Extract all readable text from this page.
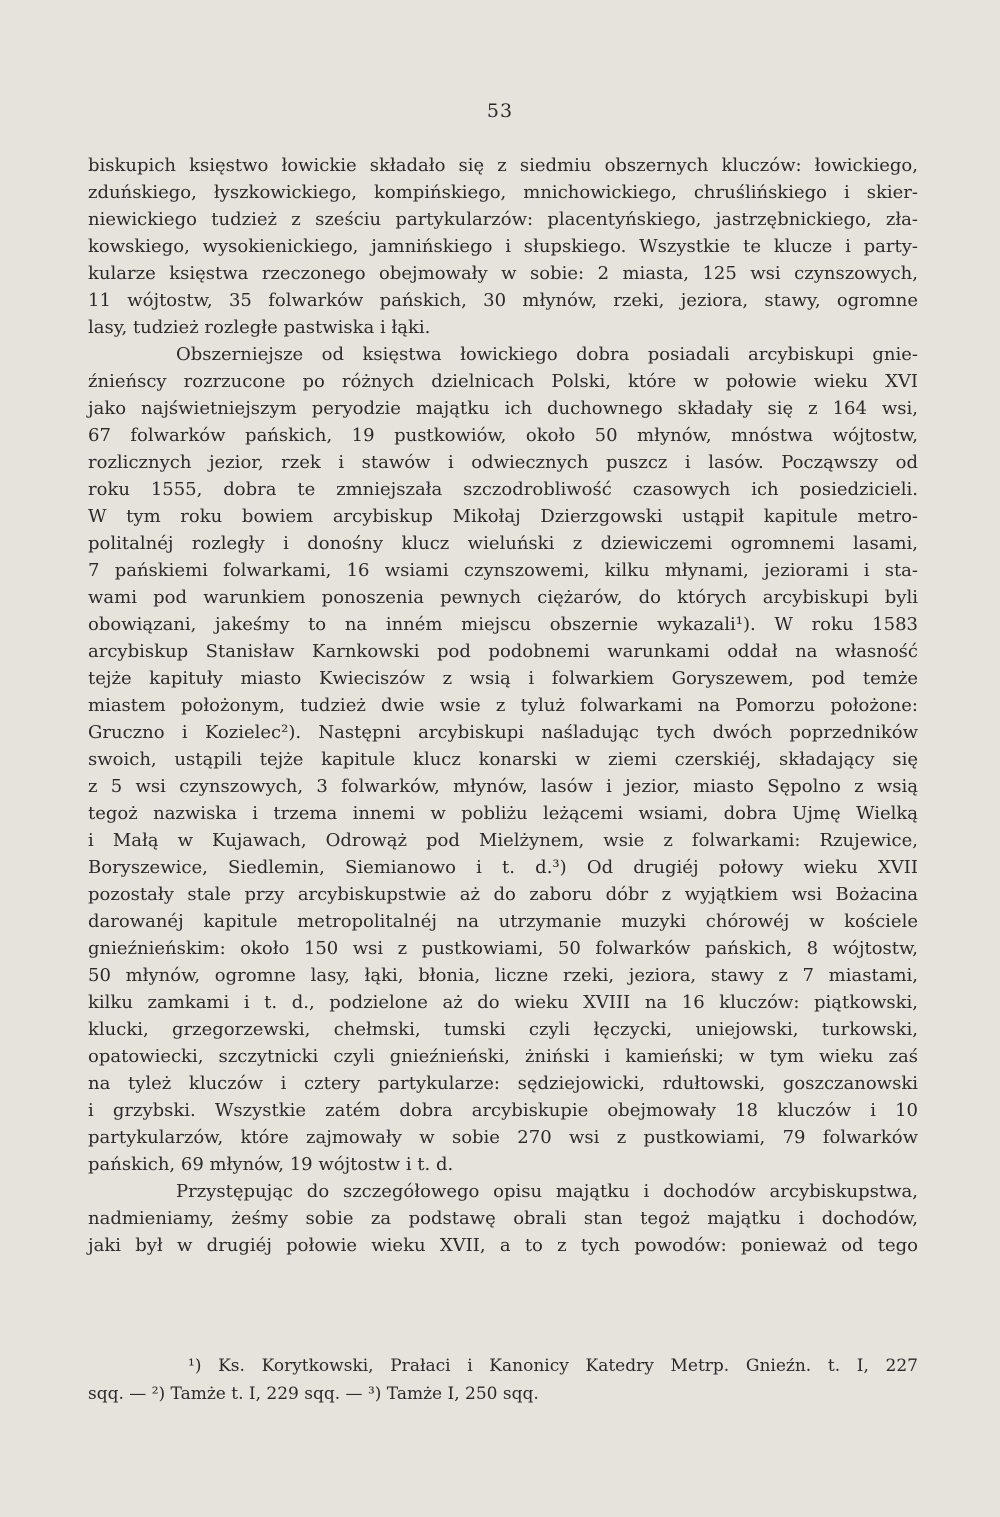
53
biskupich księstwo łowickie składało się z siedmiu obszernych kluczów: łowickiego,
zduńskiego, łyszkowickiego, kompińskiego, mnichowickiego, chruślińskiego i skier-
niewickiego tudzież z sześciu partykularzów: placentyńskiego, jastrzębnickiego, zła-
kowskiego, wysokienickiego, jamnińskiego i słupskiego. Wszystkie te klucze i party-
kularze księstwa rzeczonego obejmowały w sobie: 2 miasta, 125 wsi czynszowych,
11 wójtostw, 35 folwarków pańskich, 30 młynów, rzeki, jeziora, stawy, ogromne
lasy, tudzież rozległe pastwiska i łąki.
Obszerniejsze od księstwa łowickiego dobra posiadali arcybiskupi gnie-
źnieńscy rozrzucone po różnych dzielnicach Polski, które w połowie wieku XVI
jako najświetniejszym peryodzie majątku ich duchownego składały się z 164 wsi,
67 folwarków pańskich, 19 pustkowiów, około 50 młynów, mnóstwa wójtostw,
rozlicznych jezior, rzek i stawów i odwiecznych puszcz i lasów. Począwszy od
roku 1555, dobra te zmniejszała szczodrobliwość czasowych ich posiedzicieli.
W tym roku bowiem arcybiskup Mikołaj Dzierzgowski ustąpił kapitule metro-
politalnéj rozległy i donośny klucz wieluński z dziewiczemi ogromnemi lasami,
7 pańskiemi folwarkami, 16 wsiami czynszowemi, kilku młynami, jeziorami i sta-
wami pod warunkiem ponoszenia pewnych ciężarów, do których arcybiskupi byli
obowiązani, jakeśmy to na inném miejscu obszernie wykazali¹). W roku 1583
arcybiskup Stanisław Karnkowski pod podobnemi warunkami oddał na własność
tejże kapituły miasto Kwieciszów z wsią i folwarkiem Goryszewem, pod temże
miastem położonym, tudzież dwie wsie z tyluż folwarkami na Pomorzu położone:
Gruczno i Kozielec²). Następni arcybiskupi naśladując tych dwóch poprzedników
swoich, ustąpili tejże kapitule klucz konarski w ziemi czerskiéj, składający się
z 5 wsi czynszowych, 3 folwarków, młynów, lasów i jezior, miasto Sępolno z wsią
tegoż nazwiska i trzema innemi w pobliżu leżącemi wsiami, dobra Ujmę Wielką
i Małą w Kujawach, Odrowąż pod Mielżynem, wsie z folwarkami: Rzujewice,
Boryszewice, Siedlemin, Siemianowo i t. d.³) Od drugiéj połowy wieku XVII
pozostały stale przy arcybiskupstwie aż do zaboru dóbr z wyjątkiem wsi Bożacina
darowanéj kapitule metropolitalnéj na utrzymanie muzyki chórowéj w kościele
gnieźnieńskim: około 150 wsi z pustkowiami, 50 folwarków pańskich, 8 wójtostw,
50 młynów, ogromne lasy, łąki, błonia, liczne rzeki, jeziora, stawy z 7 miastami,
kilku zamkami i t. d., podzielone aż do wieku XVIII na 16 kluczów: piątkowski,
klucki, grzegorzewski, chełmski, tumski czyli łęczycki, uniejowski, turkowski,
opatowiecki, szczytnicki czyli gnieźnieński, żniński i kamieński; w tym wieku zaś
na tyleż kluczów i cztery partykularze: sędziejowicki, rdułtowski, goszczanowski
i grzybski. Wszystkie zatém dobra arcybiskupie obejmowały 18 kluczów i 10
partykularzów, które zajmowały w sobie 270 wsi z pustkowiami, 79 folwarków
pańskich, 69 młynów, 19 wójtostw i t. d.
Przystępując do szczegółowego opisu majątku i dochodów arcybiskupstwa,
nadmieniamy, żeśmy sobie za podstawę obrali stan tegoż majątku i dochodów,
jaki był w drugiéj połowie wieku XVII, a to z tych powodów: ponieważ od tego
¹) Ks. Korytkowski, Prałaci i Kanonicy Katedry Metrp. Gnieźn. t. I, 227
sqq. — ²) Tamże t. I, 229 sqq. — ³) Tamże I, 250 sqq.
